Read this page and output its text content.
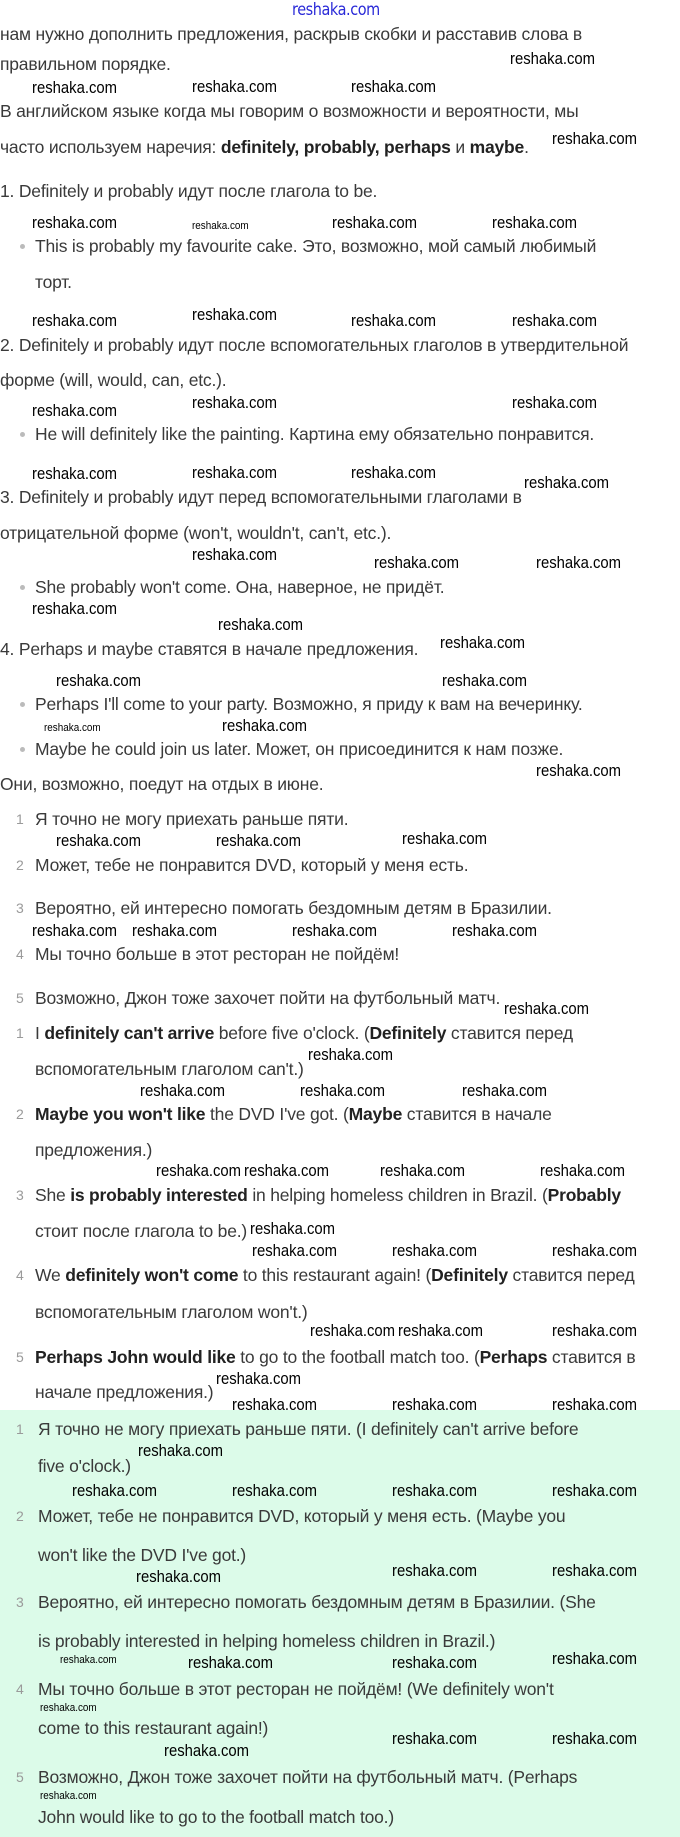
reshaka.com
нам нужно дополнить предложения, раскрыв скобки и расставив слова в
правильном порядке.
В английском языке когда мы говорим о возможности и вероятности, мы
часто используем наречия: definitely, probably, perhaps и maybe.
1. Definitely и probably идут после глагола to be.
This is probably my favourite cake. Это, возможно, мой самый любимый
торт.
2. Definitely и probably идут после вспомогательных глаголов в утвердительной
форме (will, would, can, etc.).
He will definitely like the painting. Картина ему обязательно понравится.
3. Definitely и probably идут перед вспомогательными глаголами в
отрицательной форме (won't, wouldn't, can't, etc.).
She probably won't come. Она, наверное, не придёт.
4. Perhaps и maybe ставятся в начале предложения.
Perhaps I'll come to your party. Возможно, я приду к вам на вечеринку.
Maybe he could join us later. Может, он присоединится к нам позже.
Они, возможно, поедут на отдых в июне.
1 Я точно не могу приехать раньше пяти.
2 Может, тебе не понравится DVD, который у меня есть.
3 Вероятно, ей интересно помогать бездомным детям в Бразилии.
4 Мы точно больше в этот ресторан не пойдём!
5 Возможно, Джон тоже захочет пойти на футбольный матч.
1 I definitely can't arrive before five o'clock. (Definitely ставится перед
вспомогательным глаголом can't.)
2 Maybe you won't like the DVD I've got. (Maybe ставится в начале
предложения.)
3 She is probably interested in helping homeless children in Brazil. (Probably
стоит после глагола to be.)
4 We definitely won't come to this restaurant again! (Definitely ставится перед
вспомогательным глаголом won't.)
5 Perhaps John would like to go to the football match too. (Perhaps ставится в
начале предложения.)
1 Я точно не могу приехать раньше пяти. (I definitely can't arrive before
five o'clock.)
2 Может, тебе не понравится DVD, который у меня есть. (Maybe you
won't like the DVD I've got.)
3 Вероятно, ей интересно помогать бездомным детям в Бразилии. (She
is probably interested in helping homeless children in Brazil.)
4 Мы точно больше в этот ресторан не пойдём! (We definitely won't
come to this restaurant again!)
5 Возможно, Джон тоже захочет пойти на футбольный матч. (Perhaps
John would like to go to the football match too.)
reshaka.com
reshaka.com	reshaka.com	reshaka.com
reshaka.com
reshaka.com	reshaka.com	reshaka.com	reshaka.com
reshaka.com	reshaka.com	reshaka.com	reshaka.com
reshaka.com	reshaka.com
reshaka.com
reshaka.com	reshaka.com
reshaka.com
reshaka.com
reshaka.com	reshaka.com	reshaka.com
reshaka.com
reshaka.com
reshaka.com
reshaka.com
reshaka.com
reshaka.com
reshaka.com
reshaka.com
reshaka.com	reshaka.com	reshaka.com
reshaka.com	reshaka.com	reshaka.com
reshaka.com
reshaka.com
reshaka.com
reshaka.com	reshaka.com	reshaka.com
reshaka.com reshaka.com	reshaka.com	reshaka.com
reshaka.com
reshaka.com
reshaka.com	reshaka.com
reshaka.com
reshaka.com reshaka.com	reshaka.com
reshaka.com
reshaka.com	reshaka.com	reshaka.com
reshaka.com	reshaka.com	reshaka.com	reshaka.com
reshaka.com	reshaka.com	reshaka.com
reshaka.com	reshaka.com	reshaka.com	reshaka.com
reshaka.com
reshaka.com
reshaka.com	reshaka.com
reshaka.com
